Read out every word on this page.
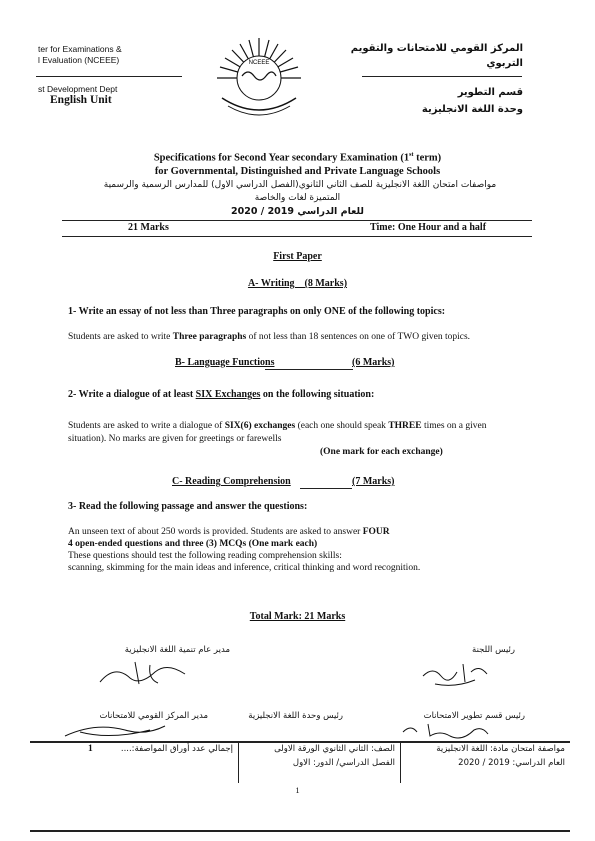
ter for Examinations &
l Evaluation (NCEEE)
st Development Dept
English Unit
المركز القومي للامتحانات والتقويم
التربوي
قسم التطوير
وحدة اللغة الانجليزية
NCEEE
Specifications for Second Year secondary Examination (1st term)
for Governmental, Distinguished and Private Language Schools
مواصفات امتحان اللغة الانجليزية للصف الثاني الثانوي(الفصل الدراسي الاول) للمدارس الرسمية والرسمية
المتميزة لغات والخاصة
للعام الدراسي 2019 / 2020
21 Marks	Time: One Hour and a half
First Paper
A- Writing    (8 Marks)
1- Write an essay of not less than Three paragraphs on only ONE of the following topics:
Students are asked to write Three paragraphs of not less than 18 sentences on one of TWO given topics.
B- Language Functions	(6 Marks)
2- Write a dialogue of at least SIX Exchanges on the following situation:
Students are asked to write a dialogue of SIX(6) exchanges (each one should speak THREE times on a given situation). No marks are given for greetings or farewells
(One mark for each exchange)
C- Reading Comprehension	(7 Marks)
3- Read the following passage and answer the questions:
An unseen text of about 250 words is provided. Students are asked to answer FOUR
4 open-ended questions and three (3) MCQs (One mark each)
These questions should test the following reading comprehension skills:
scanning, skimming for the main ideas and inference, critical thinking and word recognition.
Total Mark: 21 Marks
مدير عام تنمية اللغة الانجليزية	رئيس اللجنة
مدير المركز القومي للامتحانات	رئيس وحدة اللغة الانجليزية	رئيس قسم تطوير الامتحانات
مواصفة امتحان مادة: اللغة الانجليزية
العام الدراسي: 2019 / 2020
الصف: الثاني الثانوي الورقة الاولى
الفصل الدراسي/ الدور: الاول
إجمالي عدد أوراق المواصفة:....
1
1
